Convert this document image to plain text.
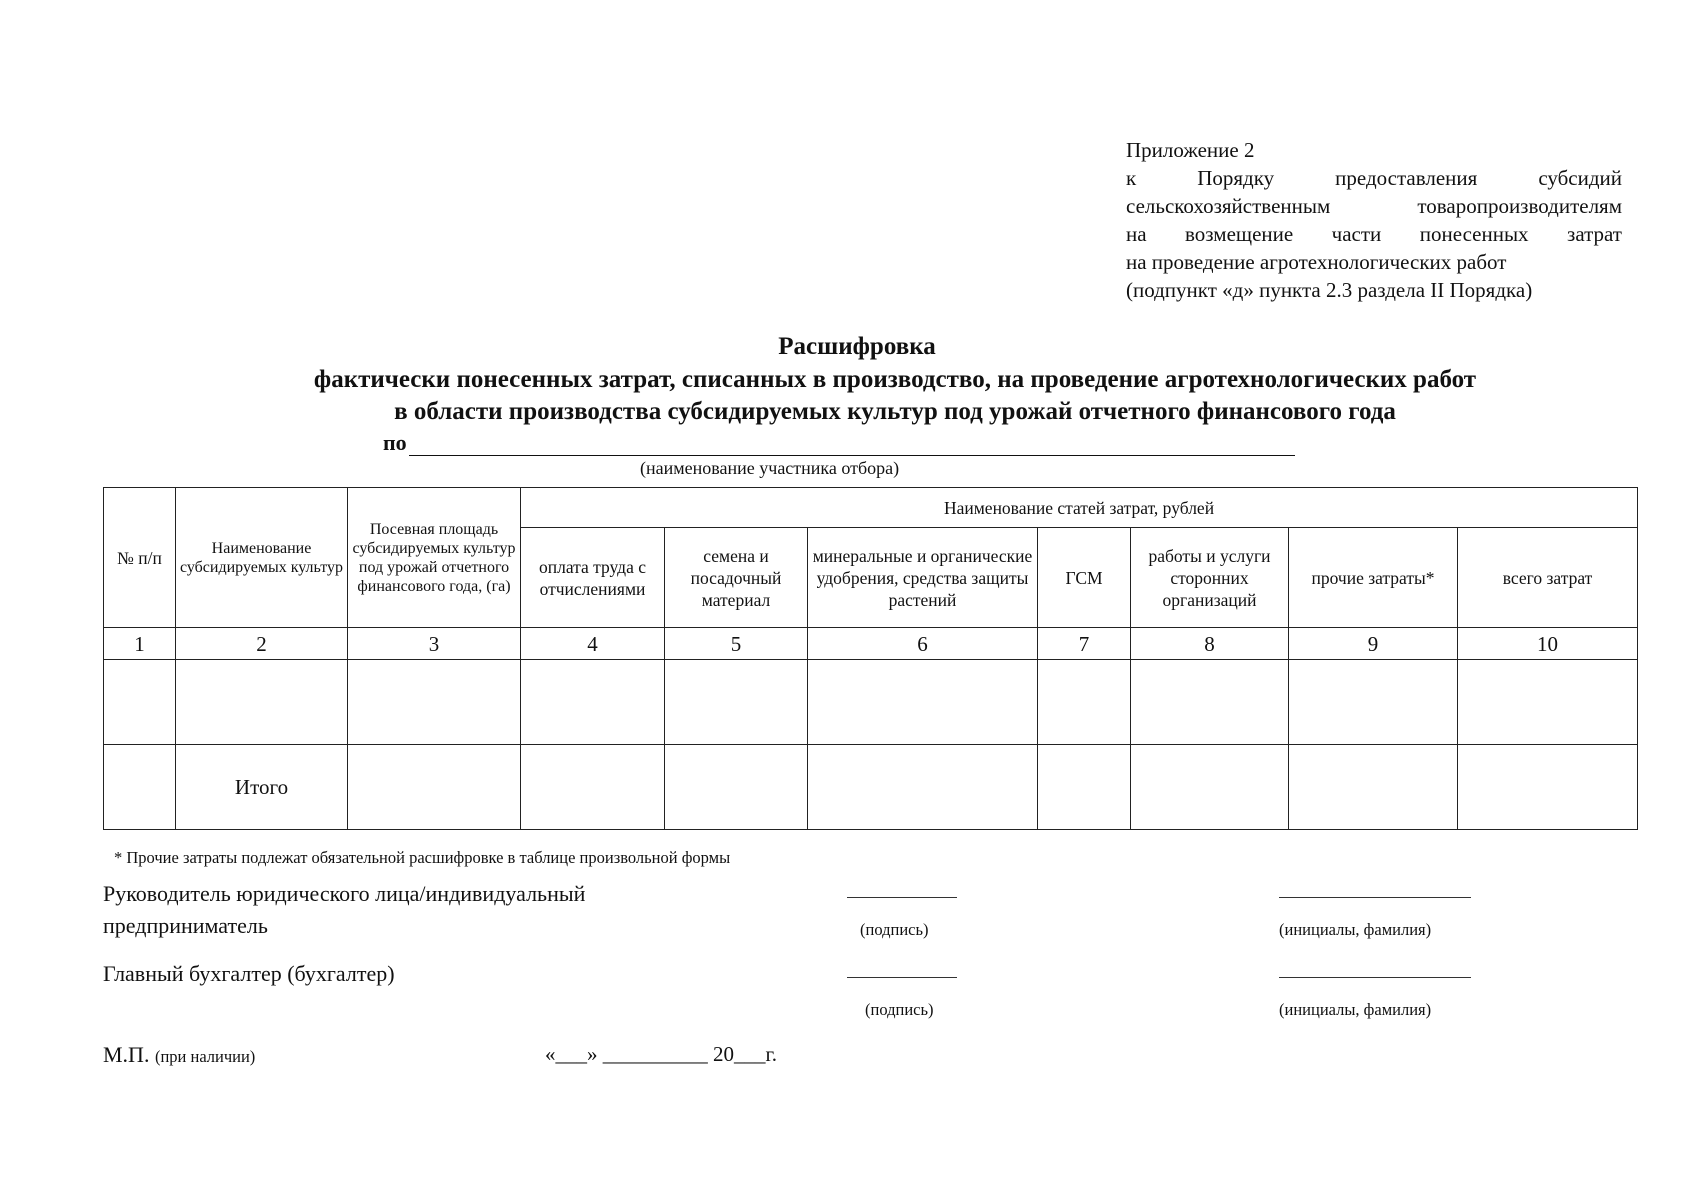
Приложение 2
к Порядку предоставления субсидий
сельскохозяйственным товаропроизводителям
на возмещение части понесенных затрат
на проведение агротехнологических работ
(подпункт «д» пункта 2.3 раздела II Порядка)
Расшифровка
фактически понесенных затрат, списанных в производство, на проведение агротехнологических работ
в области производства субсидируемых культур под урожай отчетного финансового года
по
(наименование участника отбора)
№ п/п	Наименование субсидируемых культур	Посевная площадь субсидируемых культур под урожай отчетного финансового года, (га)	Наименование статей затрат, рублей						
			оплата труда с отчислениями	семена и посадочный материал	минеральные и органические удобрения, средства защиты растений	ГСМ	работы и услуги сторонних организаций	прочие затраты*	всего затрат
1	2	3	4	5	6	7	8	9	10

	Итого								
* Прочие затраты подлежат обязательной расшифровке в таблице произвольной формы
Руководитель юридического лица/индивидуальный
предприниматель	(подпись)	(инициалы, фамилия)
Главный бухгалтер (бухгалтер)
(подпись)	(инициалы, фамилия)
М.П. (при наличии)	«___» __________ 20___г.
